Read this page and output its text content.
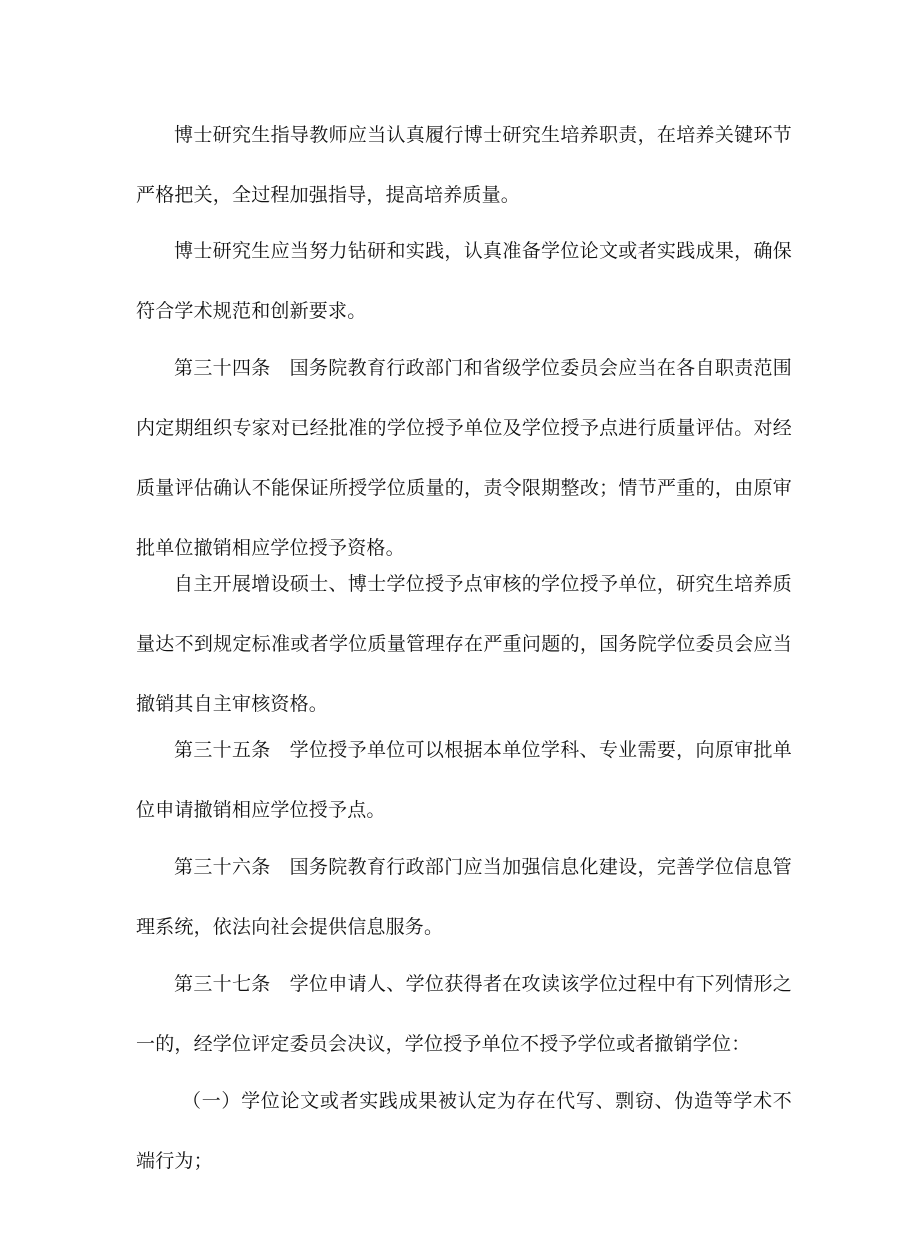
博士研究生指导教师应当认真履行博士研究生培养职责，在培养关键环节严格把关，全过程加强指导，提高培养质量。

博士研究生应当努力钻研和实践，认真准备学位论文或者实践成果，确保符合学术规范和创新要求。

第三十四条 国务院教育行政部门和省级学位委员会应当在各自职责范围内定期组织专家对已经批准的学位授予单位及学位授予点进行质量评估。对经质量评估确认不能保证所授学位质量的，责令限期整改；情节严重的，由原审批单位撤销相应学位授予资格。

自主开展增设硕士、博士学位授予点审核的学位授予单位，研究生培养质量达不到规定标准或者学位质量管理存在严重问题的，国务院学位委员会应当撤销其自主审核资格。

第三十五条 学位授予单位可以根据本单位学科、专业需要，向原审批单位申请撤销相应学位授予点。

第三十六条 国务院教育行政部门应当加强信息化建设，完善学位信息管理系统，依法向社会提供信息服务。

第三十七条 学位申请人、学位获得者在攻读该学位过程中有下列情形之一的，经学位评定委员会决议，学位授予单位不授予学位或者撤销学位：

（一）学位论文或者实践成果被认定为存在代写、剽窃、伪造等学术不端行为；
